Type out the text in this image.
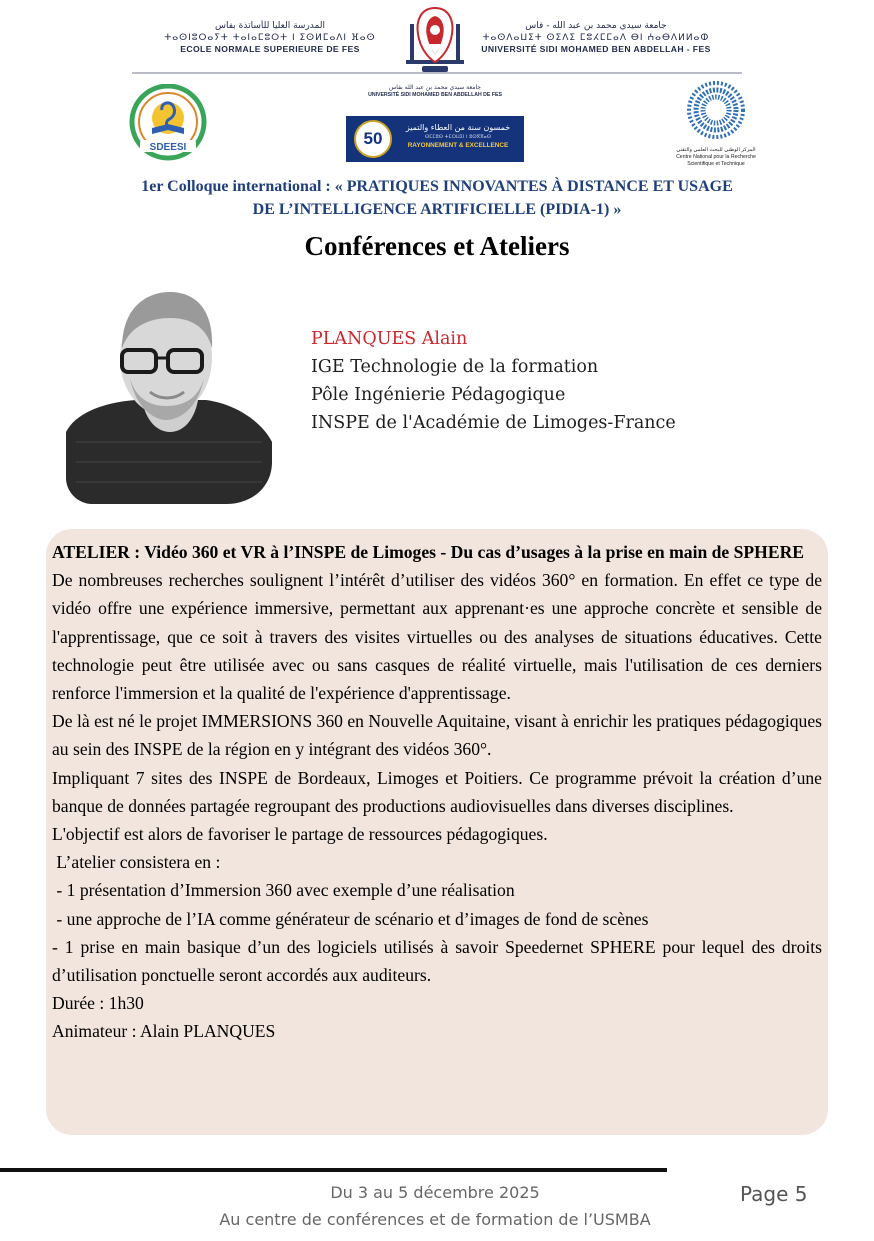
المدرسة العليا للأساتذة بفاس
ⵜⴰⵙⵏⵓⵔⴰⵢⵜ ⵜⴰⵏⴰⵎⵓⵔⵜ ⵏ ⵉⵙⵍⵎⴰⴷⵏ ⴼⴰⵙ
ECOLE NORMALE SUPERIEURE DE FES
جامعة سيدي محمد بن عبد الله - فاس
ⵜⴰⵙⴷⴰⵡⵉⵜ ⵙⵉⴷⵉ ⵎⵓⵃⵎⵎⴰⴷ ⴱⵏ ⵄⴰⴱⴷⵍⵍⴰⵀ
UNIVERSITÉ SIDI MOHAMED BEN ABDELLAH - FES
SDEESI
جامعة سيدي محمد بن عبد الله بفاس
UNIVERSITÉ SIDI MOHAMED BEN ABDELLAH DE FES
50
خمسون سنة من العطاء والتميز
ⵙⵎⵎⵓⵙ ⵜⵎⵔⵡⵉⵏ ⵏ ⵓⵙⴳⴳⴰⵙ
RAYONNEMENT & EXCELLENCE
المركز الوطني للبحث العلمي والتقني
Centre National pour la Recherche
Scientifique et Technique
1er Colloque international : « PRATIQUES INNOVANTES À DISTANCE ET USAGE
DE L’INTELLIGENCE ARTIFICIELLE (PIDIA-1) »
Conférences et Ateliers
PLANQUES Alain
IGE Technologie de la formation
Pôle Ingénierie Pédagogique
INSPE de l'Académie de Limoges-France

ATELIER : Vidéo 360 et VR à l’INSPE de Limoges - Du cas d’usages à la prise en main de SPHERE

De nombreuses recherches soulignent l’intérêt d’utiliser des vidéos 360° en formation. En effet ce type de vidéo offre une expérience immersive, permettant aux apprenant·es une approche concrète et sensible de l'apprentissage, que ce soit à travers des visites virtuelles ou des analyses de situations éducatives. Cette technologie peut être utilisée avec ou sans casques de réalité virtuelle, mais l'utilisation de ces derniers renforce l'immersion et la qualité de l'expérience d'apprentissage.

De là est né le projet IMMERSIONS 360 en Nouvelle Aquitaine, visant à enrichir les pratiques pédagogiques au sein des INSPE de la région en y intégrant des vidéos 360°.

Impliquant 7 sites des INSPE de Bordeaux, Limoges et Poitiers. Ce programme prévoit la création d’une banque de données partagée regroupant des productions audiovisuelles dans diverses disciplines.

L'objectif est alors de favoriser le partage de ressources pédagogiques.

L’atelier consistera en :

- 1 présentation d’Immersion 360 avec exemple d’une réalisation

- une approche de l’IA comme générateur de scénario et d’images de fond de scènes

- 1 prise en main basique d’un des logiciels utilisés à savoir Speedernet SPHERE pour lequel des droits d’utilisation ponctuelle seront accordés aux auditeurs.

Durée : 1h30

Animateur : Alain PLANQUES

Du 3 au 5 décembre 2025
Au centre de conférences et de formation de l’USMBA
Page 5
